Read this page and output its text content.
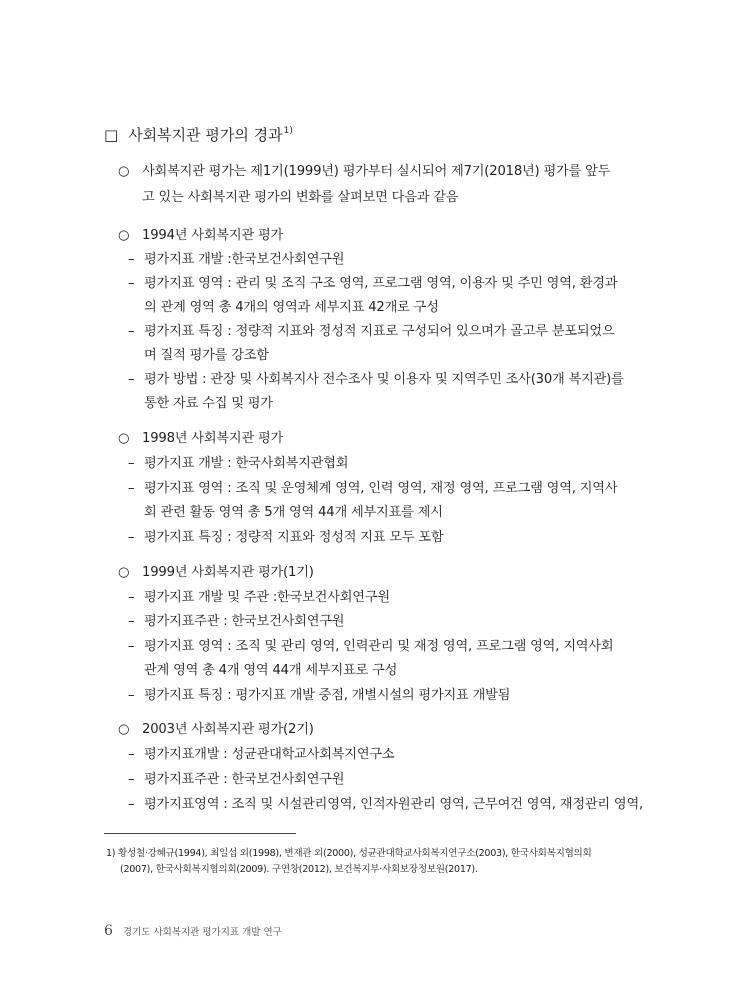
□ 사회복지관 평가의 경과$^{1)}$
○ 사회복지관 평가는 제1기(1999년) 평가부터 실시되어 제7기(2018년) 평가를 앞두
고 있는 사회복지관 평가의 변화를 살펴보면 다음과 같음
○ 1994년 사회복지관 평가
– 평가지표 개발 :한국보건사회연구원
– 평가지표 영역 : 관리 및 조직 구조 영역, 프로그램 영역, 이용자 및 주민 영역, 환경과
의 관계 영역 총 4개의 영역과 세부지표 42개로 구성
– 평가지표 특징 : 정량적 지표와 정성적 지표로 구성되어 있으며가 골고루 분포되었으
며 질적 평가를 강조함
– 평가 방법 : 관장 및 사회복지사 전수조사 및 이용자 및 지역주민 조사(30개 복지관)를
통한 자료 수집 및 평가
○ 1998년 사회복지관 평가
– 평가지표 개발 : 한국사회복지관협회
– 평가지표 영역 : 조직 및 운영체계 영역, 인력 영역, 재정 영역, 프로그램 영역, 지역사
회 관련 활동 영역 총 5개 영역 44개 세부지표를 제시
– 평가지표 특징 : 정량적 지표와 정성적 지표 모두 포함
○ 1999년 사회복지관 평가(1기)
– 평가지표 개발 및 주관 :한국보건사회연구원
– 평가지표주관 : 한국보건사회연구원
– 평가지표 영역 : 조직 및 관리 영역, 인력관리 및 재정 영역, 프로그램 영역, 지역사회
관계 영역 총 4개 영역 44개 세부지표로 구성
– 평가지표 특징 : 평가지표 개발 중점, 개별시설의 평가지표 개발됨
○ 2003년 사회복지관 평가(2기)
– 평가지표개발 : 성균관대학교사회복지연구소
– 평가지표주관 : 한국보건사회연구원
– 평가지표영역 : 조직 및 시설관리영역, 인적자원관리 영역, 근무여건 영역, 재정관리 영역,
1) 황성철·강혜규(1994), 최일섭 외(1998), 변재관 외(2000), 성균관대학교사회복지연구소(2003), 한국사회복지협의회
(2007), 한국사회복지협의회(2009). 구연창(2012), 보건복지부·사회보장정보원(2017).
6 경기도 사회복지관 평가지표 개발 연구
